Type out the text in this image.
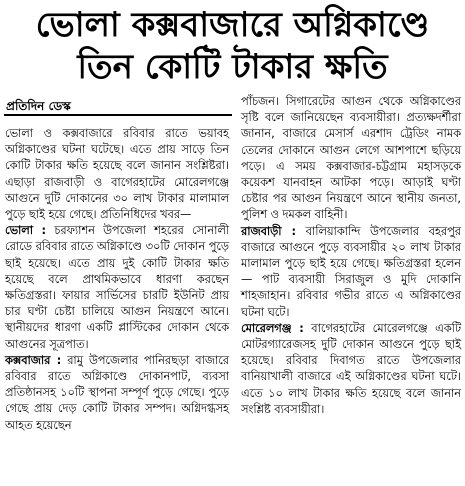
ভোলা কক্সবাজারে অগ্নিকাণ্ডে
তিন কোটি টাকার ক্ষতি
প্রতিদিন ডেস্ক

ভোলা ও কক্সবাজারে রবিবার রাতে ভয়াবহ অগ্নিকাণ্ডের ঘটনা ঘটেছে। এতে প্রায় সাড়ে তিন কোটি টাকার ক্ষতি হয়েছে বলে জানান সংশ্লিষ্টরা। এছাড়া রাজবাড়ী ও বাগেরহাটের মোরেলগঞ্জে আগুনে দুটি দোকানের ৩০ লাখ টাকার মালামাল পুড়ে ছাই হয়ে গেছে। প্রতিনিধিদের খবর—

ভোলা : চরফ্যাশন উপজেলা শহরের সোনালী রোডে রবিবার রাতে অগ্নিকাণ্ডে ৩০টি দোকান পুড়ে ছাই হয়েছে। এতে প্রায় দুই কোটি টাকার ক্ষতি হয়েছে বলে প্রাথমিকভাবে ধারণা করছেন ক্ষতিগ্রস্তরা। ফায়ার সার্ভিসের চারটি ইউনিট প্রায় চার ঘণ্টা চেষ্টা চালিয়ে আগুন নিয়ন্ত্রণে আনে। স্থানীয়দের ধারণা একটি প্লাস্টিকের দোকান থেকে আগুনের সূত্রপাত।

কক্সবাজার : রামু উপজেলার পানিরছড়া বাজারে রবিবার রাতে অগ্নিকাণ্ডে দোকানপাট, ব্যবসা প্রতিষ্ঠানসহ ১০টি স্থাপনা সম্পূর্ণ পুড়ে গেছে। পুড়ে গেছে প্রায় দেড় কোটি টাকার সম্পদ। অগ্নিদগ্ধসহ আহত হয়েছেন

পাঁচজন। সিগারেটের আগুন থেকে অগ্নিকাণ্ডের সৃষ্টি বলে জানিয়েছেন ব্যবসায়ীরা। প্রত্যক্ষদর্শীরা জানান, বাজারে মেসার্স এরশাদ ট্রেডিং নামক তেলের দোকানে আগুন লেগে আশপাশে ছড়িয়ে পড়ে। এ সময় কক্সবাজার-চট্টগ্রাম মহাসড়কে কয়েকশ যানবাহন আটকা পড়ে। আড়াই ঘণ্টা চেষ্টার পর আগুন নিয়ন্ত্রণে আনে স্থানীয় জনতা, পুলিশ ও দমকল বাহিনী।

রাজবাড়ী : বালিয়াকান্দি উপজেলার বহরপুর বাজারে আগুনে পুড়ে ব্যবসায়ীর ২০ লাখ টাকার মালামাল পুড়ে ছাই হয়ে গেছে। ক্ষতিগ্রস্তরা হলেন— পাট ব্যবসায়ী সিরাজুল ও মুদি দোকানি শাহজাহান। রবিবার গভীর রাতে এ অগ্নিকাণ্ডের ঘটনা ঘটে।

মোরেলগঞ্জ : বাগেরহাটের মোরেলগঞ্জে একটি মোটরগ্যারেজসহ দুটি দোকান আগুনে পুড়ে ছাই হয়েছে। রবিবার দিবাগত রাতে উপজেলার বানিয়াখালী বাজারে এই অগ্নিকাণ্ডের ঘটনা ঘটে। এতে ১০ লাখ টাকার ক্ষতি হয়েছে বলে জানান সংশ্লিষ্ট ব্যবসায়ীরা।
